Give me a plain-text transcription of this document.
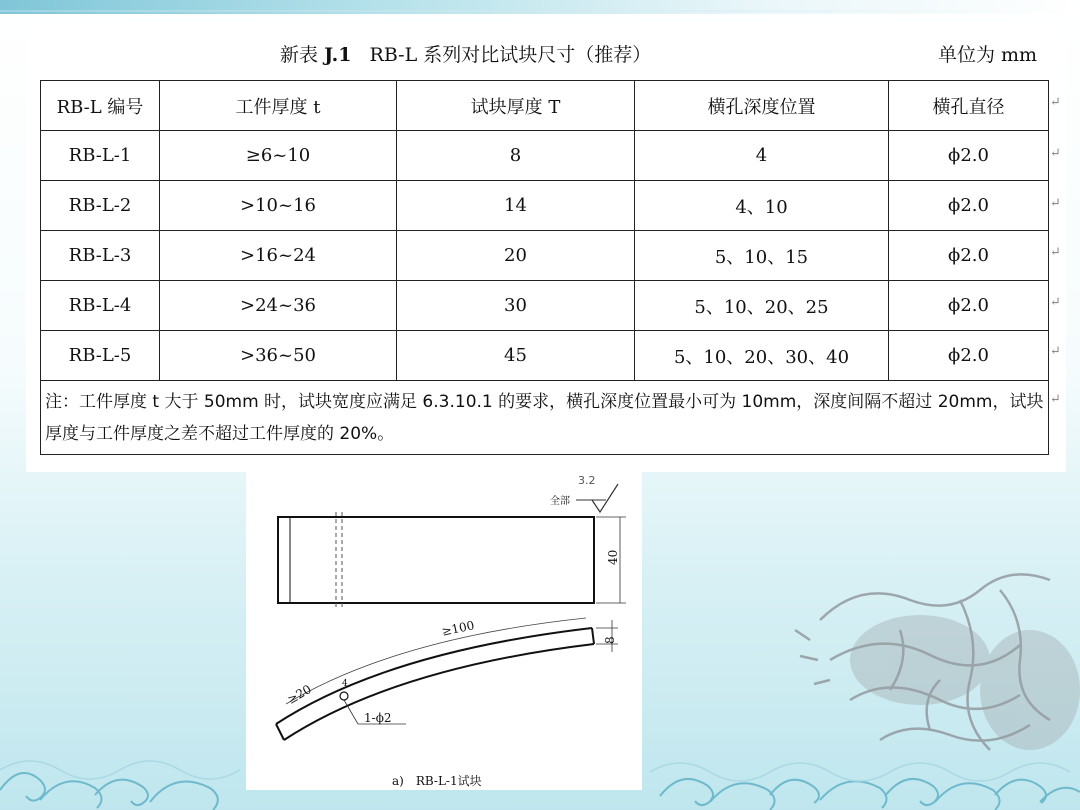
新表 J.1 RB-L 系列对比试块尺寸（推荐）	单位为 mm
RB-L 编号	工件厚度 t	试块厚度 T	横孔深度位置	横孔直径
RB-L-1	≥6~10	8	4	ϕ2.0
RB-L-2	>10~16	14	4、10	ϕ2.0
RB-L-3	>16~24	20	5、10、15	ϕ2.0
RB-L-4	>24~36	30	5、10、20、25	ϕ2.0
RB-L-5	>36~50	45	5、10、20、30、40	ϕ2.0
注：工件厚度 t 大于 50mm 时，试块宽度应满足 6.3.10.1 的要求，横孔深度位置最小可为 10mm，深度间隔不超过 20mm，试块厚度与工件厚度之差不超过工件厚度的 20%。				
↵
↵
↵
↵
↵
↵
↵
3.2
全部
40
≥100
8
≥20	4
1-ϕ2
a)　RB-L-1试块
